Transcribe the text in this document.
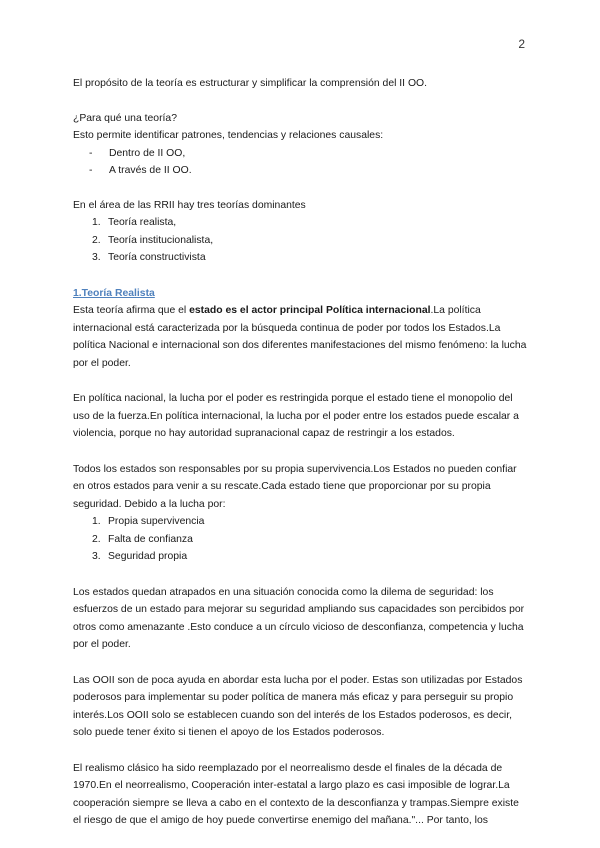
2

El propósito de la teoría es estructurar y simplificar la comprensión del II OO.

¿Para qué una teoría?

Esto permite identificar patrones, tendencias y relaciones causales:

- Dentro de II OO,
- A través de II OO.

En el área de las RRII hay tres teorías dominantes

1. Teoría realista,
2. Teoría institucionalista,
3. Teoría constructivista
1.Teoría Realista

Esta teoría afirma que el estado es el actor principal Política internacional.La política internacional está caracterizada por la búsqueda continua de poder por todos los Estados.La política Nacional e internacional son dos diferentes manifestaciones del mismo fenómeno: la lucha por el poder.

En política nacional, la lucha por el poder es restringida porque el estado tiene el monopolio del uso de la fuerza.En política internacional, la lucha por el poder entre los estados puede escalar a violencia, porque no hay autoridad supranacional capaz de restringir a los estados.

Todos los estados son responsables por su propia supervivencia.Los Estados no pueden confiar en otros estados para venir a su rescate.Cada estado tiene que proporcionar por su propia seguridad. Debido a la lucha por:

1. Propia supervivencia
2. Falta de confianza
3. Seguridad propia

Los estados quedan atrapados en una situación conocida como la dilema de seguridad: los esfuerzos de un estado para mejorar su seguridad ampliando sus capacidades son percibidos por otros como amenazante .Esto conduce a un círculo vicioso de desconfianza, competencia y lucha por el poder.

Las OOII son de poca ayuda en abordar esta lucha por el poder. Estas son utilizadas por Estados poderosos para implementar su poder política de manera más eficaz y para perseguir su propio interés.Los OOII solo se establecen cuando son del interés de los Estados poderosos, es decir, solo puede tener éxito si tienen el apoyo de los Estados poderosos.

El realismo clásico ha sido reemplazado por el neorrealismo desde el finales de la década de 1970.En el neorrealismo, Cooperación inter-estatal a largo plazo es casi imposible de lograr.La cooperación siempre se lleva a cabo en el contexto de la desconfianza y trampas.Siempre existe el riesgo de que el amigo de hoy puede convertirse enemigo del mañana."... Por tanto, los
